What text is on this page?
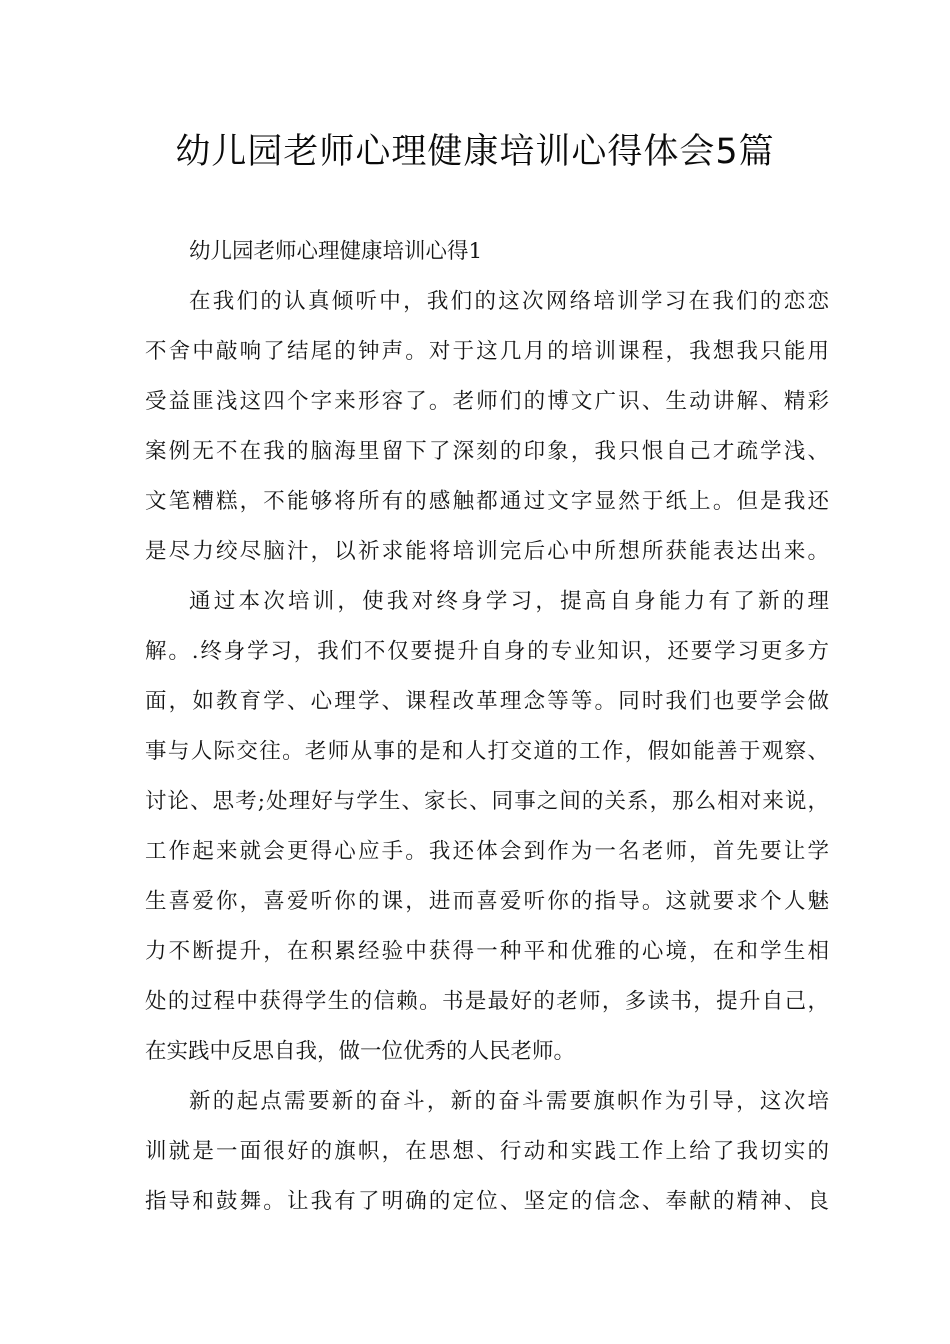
幼儿园老师心理健康培训心得体会5篇
幼儿园老师心理健康培训心得1
在我们的认真倾听中，我们的这次网络培训学习在我们的恋恋
不舍中敲响了结尾的钟声。对于这几月的培训课程，我想我只能用
受益匪浅这四个字来形容了。老师们的博文广识、生动讲解、精彩
案例无不在我的脑海里留下了深刻的印象，我只恨自己才疏学浅、
文笔糟糕，不能够将所有的感触都通过文字显然于纸上。但是我还
是尽力绞尽脑汁，以祈求能将培训完后心中所想所获能表达出来。
通过本次培训，使我对终身学习，提高自身能力有了新的理
解。.终身学习，我们不仅要提升自身的专业知识，还要学习更多方
面，如教育学、心理学、课程改革理念等等。同时我们也要学会做
事与人际交往。老师从事的是和人打交道的工作，假如能善于观察、
讨论、思考;处理好与学生、家长、同事之间的关系，那么相对来说，
工作起来就会更得心应手。我还体会到作为一名老师，首先要让学
生喜爱你，喜爱听你的课，进而喜爱听你的指导。这就要求个人魅
力不断提升，在积累经验中获得一种平和优雅的心境，在和学生相
处的过程中获得学生的信赖。书是最好的老师，多读书，提升自己，
在实践中反思自我，做一位优秀的人民老师。
新的起点需要新的奋斗，新的奋斗需要旗帜作为引导，这次培
训就是一面很好的旗帜，在思想、行动和实践工作上给了我切实的
指导和鼓舞。让我有了明确的定位、坚定的信念、奉献的精神、良
